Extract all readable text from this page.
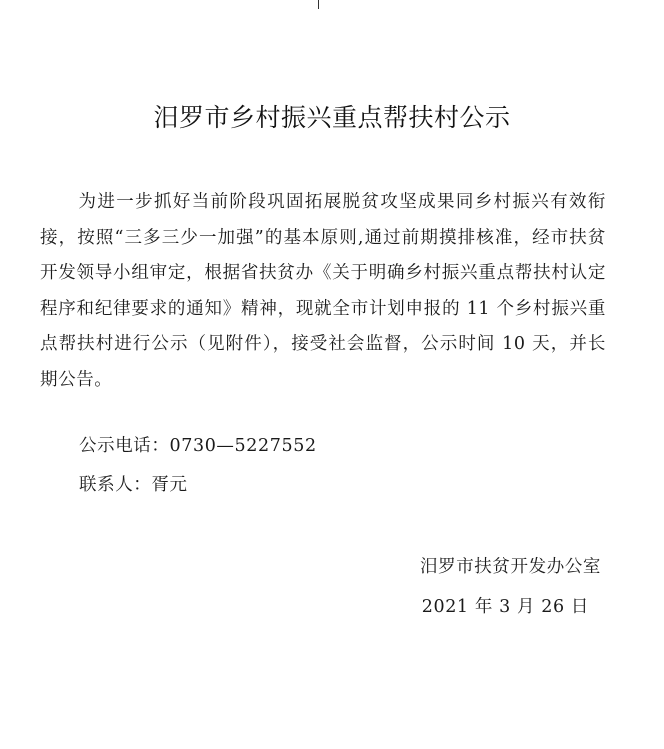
汨罗市乡村振兴重点帮扶村公示
为进一步抓好当前阶段巩固拓展脱贫攻坚成果同乡村振兴有效衔接，按照“三多三少一加强”的基本原则,通过前期摸排核准，经市扶贫开发领导小组审定，根据省扶贫办《关于明确乡村振兴重点帮扶村认定程序和纪律要求的通知》精神，现就全市计划申报的 11 个乡村振兴重点帮扶村进行公示（见附件），接受社会监督，公示时间 10 天，并长期公告。
公示电话：0730—5227552
联系人：胥元
汨罗市扶贫开发办公室
2021 年 3 月 26 日
